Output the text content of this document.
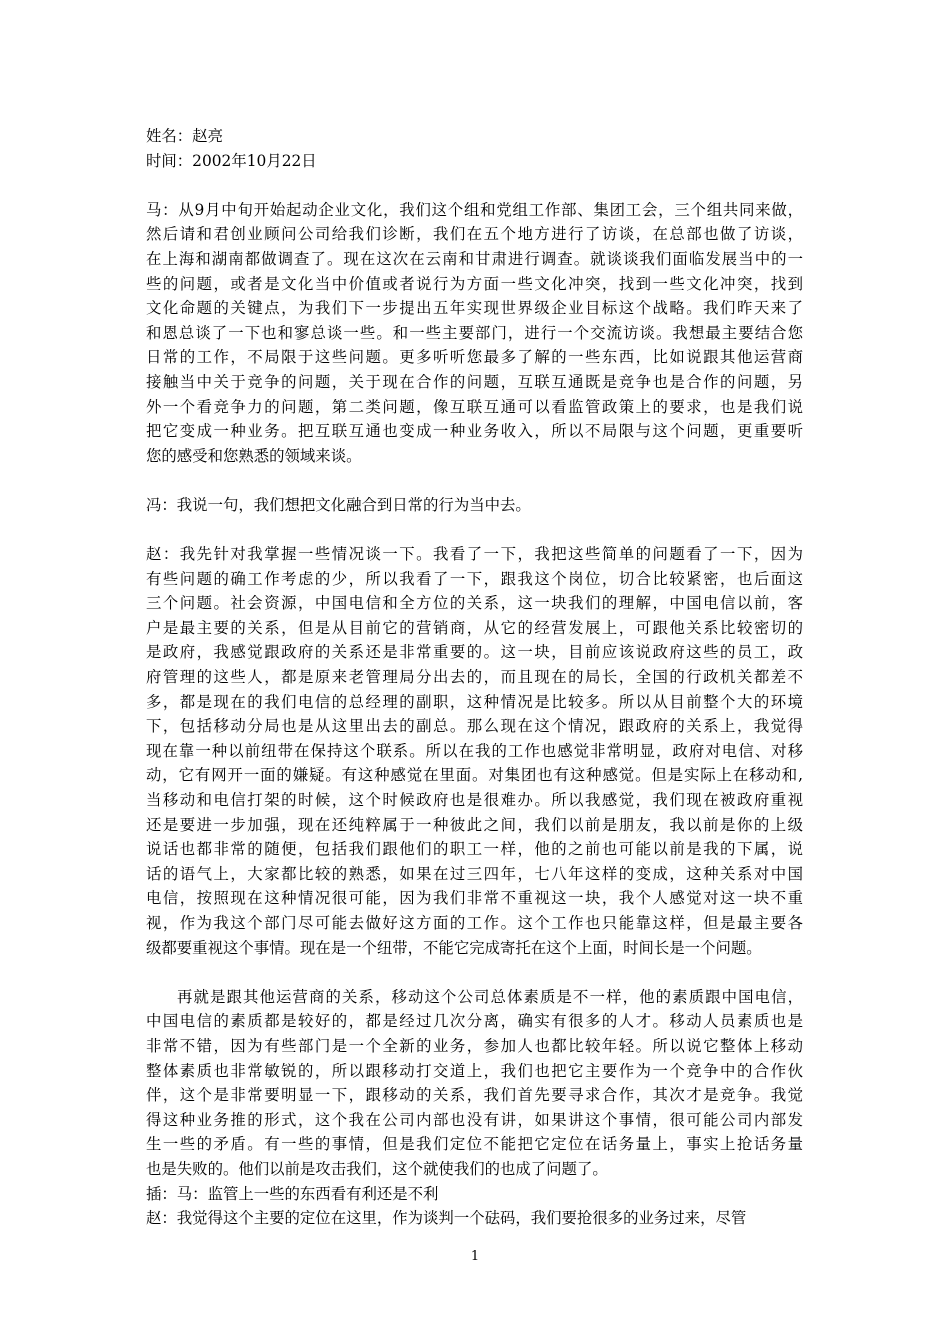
姓名：赵亮
时间：2002年10月22日
马：从9月中旬开始起动企业文化，我们这个组和党组工作部、集团工会，三个组共同来做，
然后请和君创业顾问公司给我们诊断，我们在五个地方进行了访谈，在总部也做了访谈，
在上海和湖南都做调查了。现在这次在云南和甘肃进行调查。就谈谈我们面临发展当中的一
些的问题，或者是文化当中价值或者说行为方面一些文化冲突，找到一些文化冲突，找到
文化命题的关键点，为我们下一步提出五年实现世界级企业目标这个战略。我们昨天来了
和恩总谈了一下也和寥总谈一些。和一些主要部门，进行一个交流访谈。我想最主要结合您
日常的工作，不局限于这些问题。更多听听您最多了解的一些东西，比如说跟其他运营商
接触当中关于竞争的问题，关于现在合作的问题，互联互通既是竞争也是合作的问题，另
外一个看竞争力的问题，第二类问题，像互联互通可以看监管政策上的要求，也是我们说
把它变成一种业务。把互联互通也变成一种业务收入，所以不局限与这个问题，更重要听
您的感受和您熟悉的领域来谈。
冯：我说一句，我们想把文化融合到日常的行为当中去。
赵：我先针对我掌握一些情况谈一下。我看了一下，我把这些简单的问题看了一下，因为
有些问题的确工作考虑的少，所以我看了一下，跟我这个岗位，切合比较紧密，也后面这
三个问题。社会资源，中国电信和全方位的关系，这一块我们的理解，中国电信以前，客
户是最主要的关系，但是从目前它的营销商，从它的经营发展上，可跟他关系比较密切的
是政府，我感觉跟政府的关系还是非常重要的。这一块，目前应该说政府这些的员工，政
府管理的这些人，都是原来老管理局分出去的，而且现在的局长，全国的行政机关都差不
多，都是现在的我们电信的总经理的副职，这种情况是比较多。所以从目前整个大的环境
下，包括移动分局也是从这里出去的副总。那么现在这个情况，跟政府的关系上，我觉得
现在靠一种以前纽带在保持这个联系。所以在我的工作也感觉非常明显，政府对电信、对移
动，它有网开一面的嫌疑。有这种感觉在里面。对集团也有这种感觉。但是实际上在移动和,
当移动和电信打架的时候，这个时候政府也是很难办。所以我感觉，我们现在被政府重视
还是要进一步加强，现在还纯粹属于一种彼此之间，我们以前是朋友，我以前是你的上级
说话也都非常的随便，包括我们跟他们的职工一样，他的之前也可能以前是我的下属，说
话的语气上，大家都比较的熟悉，如果在过三四年，七八年这样的变成，这种关系对中国
电信，按照现在这种情况很可能，因为我们非常不重视这一块，我个人感觉对这一块不重
视，作为我这个部门尽可能去做好这方面的工作。这个工作也只能靠这样，但是最主要各
级都要重视这个事情。现在是一个纽带，不能它完成寄托在这个上面，时间长是一个问题。
再就是跟其他运营商的关系，移动这个公司总体素质是不一样，他的素质跟中国电信，
中国电信的素质都是较好的，都是经过几次分离，确实有很多的人才。移动人员素质也是
非常不错，因为有些部门是一个全新的业务，参加人也都比较年轻。所以说它整体上移动
整体素质也非常敏锐的，所以跟移动打交道上，我们也把它主要作为一个竞争中的合作伙
伴，这个是非常要明显一下，跟移动的关系，我们首先要寻求合作，其次才是竞争。我觉
得这种业务推的形式，这个我在公司内部也没有讲，如果讲这个事情，很可能公司内部发
生一些的矛盾。有一些的事情，但是我们定位不能把它定位在话务量上，事实上抢话务量
也是失败的。他们以前是攻击我们，这个就使我们的也成了问题了。
插：马：监管上一些的东西看有利还是不利
赵：我觉得这个主要的定位在这里，作为谈判一个砝码，我们要抢很多的业务过来，尽管
1
